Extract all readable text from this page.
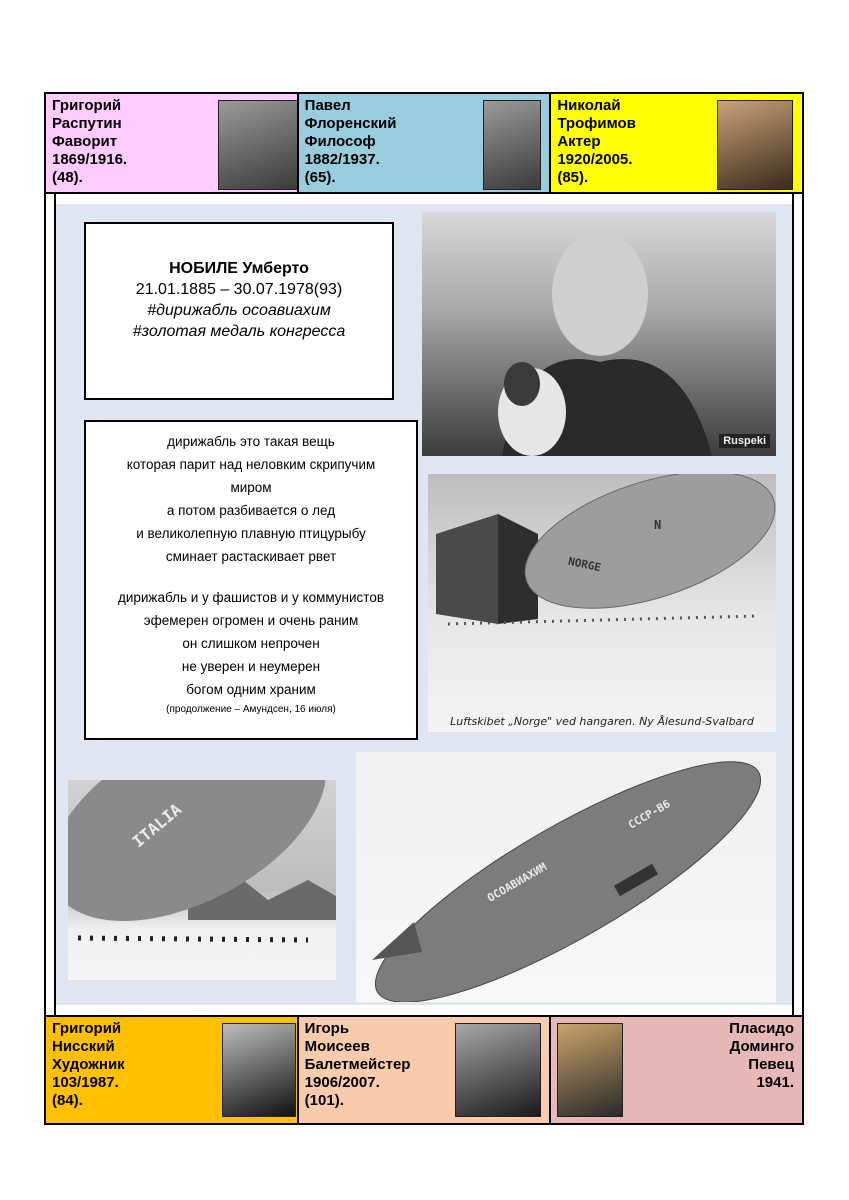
Григорий
Распутин
Фаворит
1869/1916.
(48).
Павел
Флоренский
Философ
1882/1937.
(65).
Николай
Трофимов
Актер
1920/2005.
(85).
НОБИЛЕ Умберто
21.01.1885 – 30.07.1978(93)
#дирижабль осоавиахим
#золотая медаль конгресса
дирижабль это такая вещь
которая парит над неловким скрипучим
миром
а потом разбивается о лед
и великолепную плавную птицурыбу
сминает растаскивает рвет
дирижабль и у фашистов и у коммунистов
эфемерен огромен и очень раним
он слишком непрочен
не уверен и неумерен
богом одним храним
(продолжение – Амундсен, 16 июля)
Ruspeki
NORGE
N
Luftskibet „Norge" ved hangaren. Ny Ålesund-Svalbard
ITALIA
ОСОАВИАХИМ
СССР-В6
Григорий
Нисский
Художник
103/1987.
(84).
Игорь
Моисеев
Балетмейстер
1906/2007.
(101).
Пласидо
Доминго
Певец
1941.
